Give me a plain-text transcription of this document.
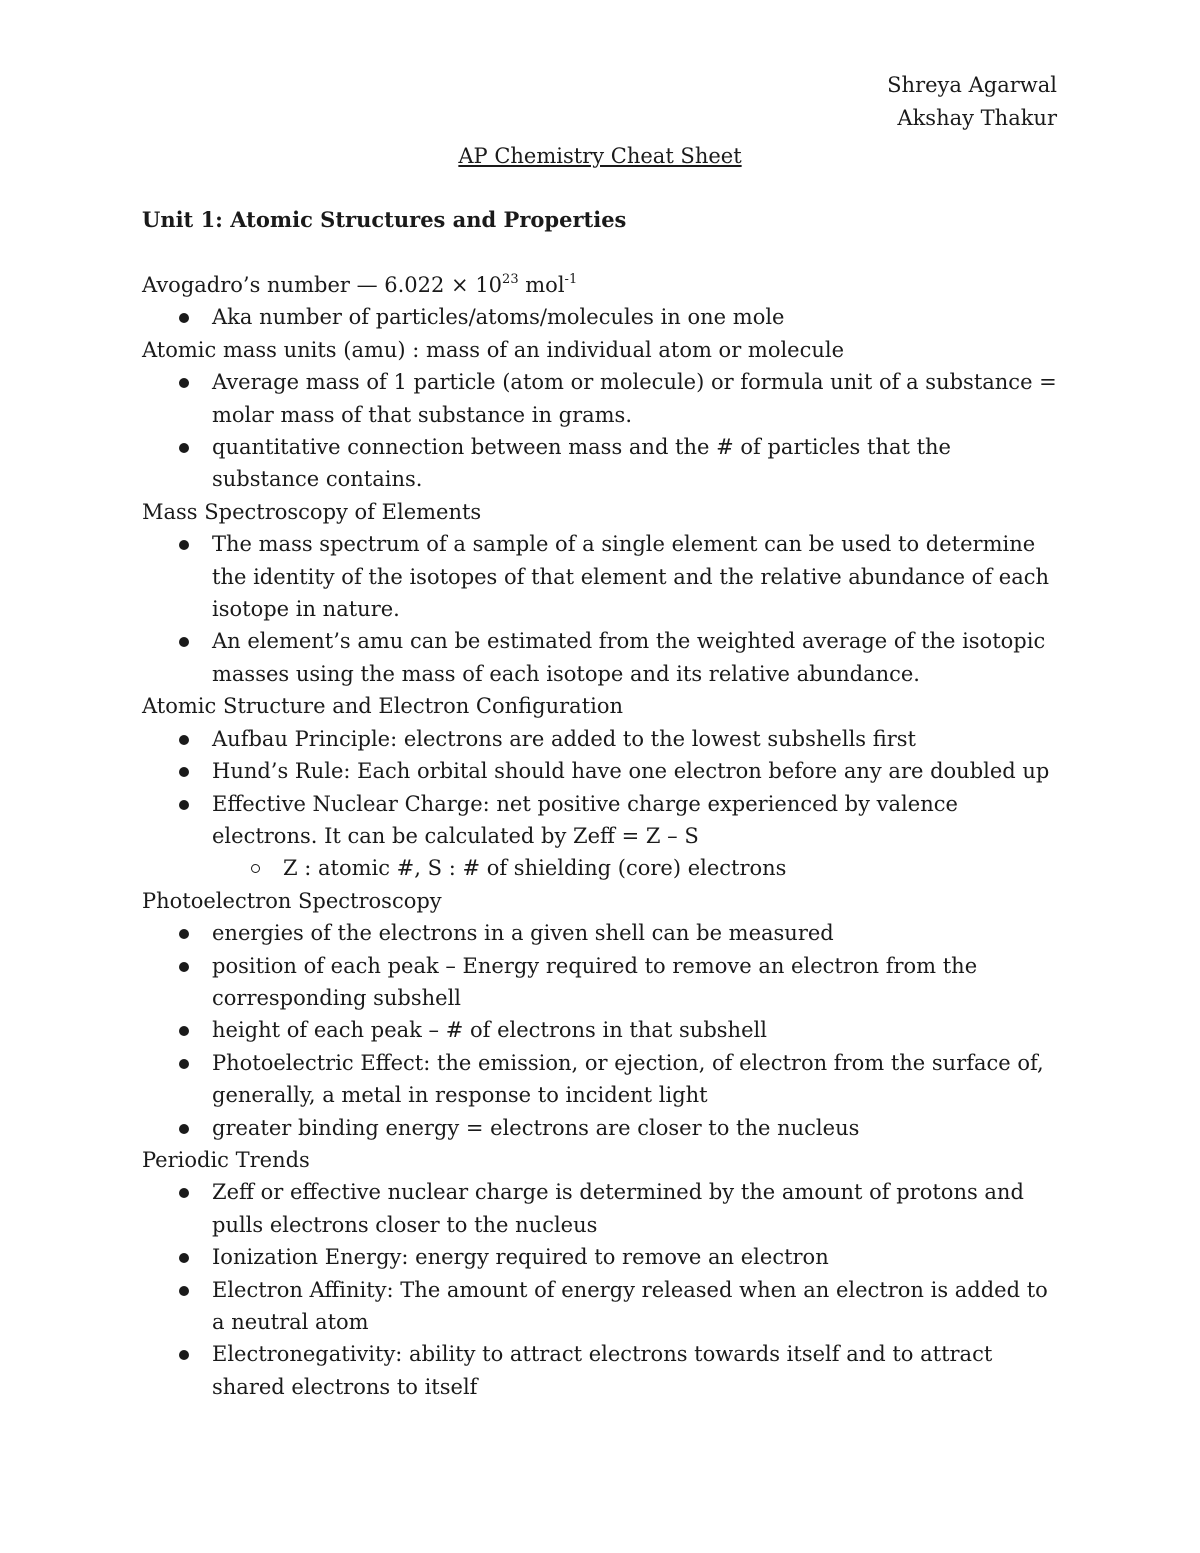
Shreya Agarwal
Akshay Thakur
AP Chemistry Cheat Sheet
Unit 1: Atomic Structures and Properties

Avogadro’s number — $6.022 \times 10^{23}$ mol$^{-1}$

Aka number of particles/atoms/molecules in one mole

Atomic mass units (amu) : mass of an individual atom or molecule

Average mass of 1 particle (atom or molecule) or formula unit of a substance = molar mass of that substance in grams.

quantitative connection between mass and the # of particles that the substance contains.

Mass Spectroscopy of Elements

The mass spectrum of a sample of a single element can be used to determine the identity of the isotopes of that element and the relative abundance of each isotope in nature.

An element’s amu can be estimated from the weighted average of the isotopic masses using the mass of each isotope and its relative abundance.

Atomic Structure and Electron Configuration

Aufbau Principle: electrons are added to the lowest subshells first

Hund’s Rule: Each orbital should have one electron before any are doubled up

Effective Nuclear Charge: net positive charge experienced by valence electrons. It can be calculated by Zeff = Z – S

Z : atomic #, S : # of shielding (core) electrons

Photoelectron Spectroscopy

energies of the electrons in a given shell can be measured

position of each peak – Energy required to remove an electron from the corresponding subshell

height of each peak – # of electrons in that subshell

Photoelectric Effect: the emission, or ejection, of electron from the surface of, generally, a metal in response to incident light

greater binding energy = electrons are closer to the nucleus

Periodic Trends

Zeff or effective nuclear charge is determined by the amount of protons and pulls electrons closer to the nucleus

Ionization Energy: energy required to remove an electron

Electron Affinity: The amount of energy released when an electron is added to a neutral atom

Electronegativity: ability to attract electrons towards itself and to attract shared electrons to itself
